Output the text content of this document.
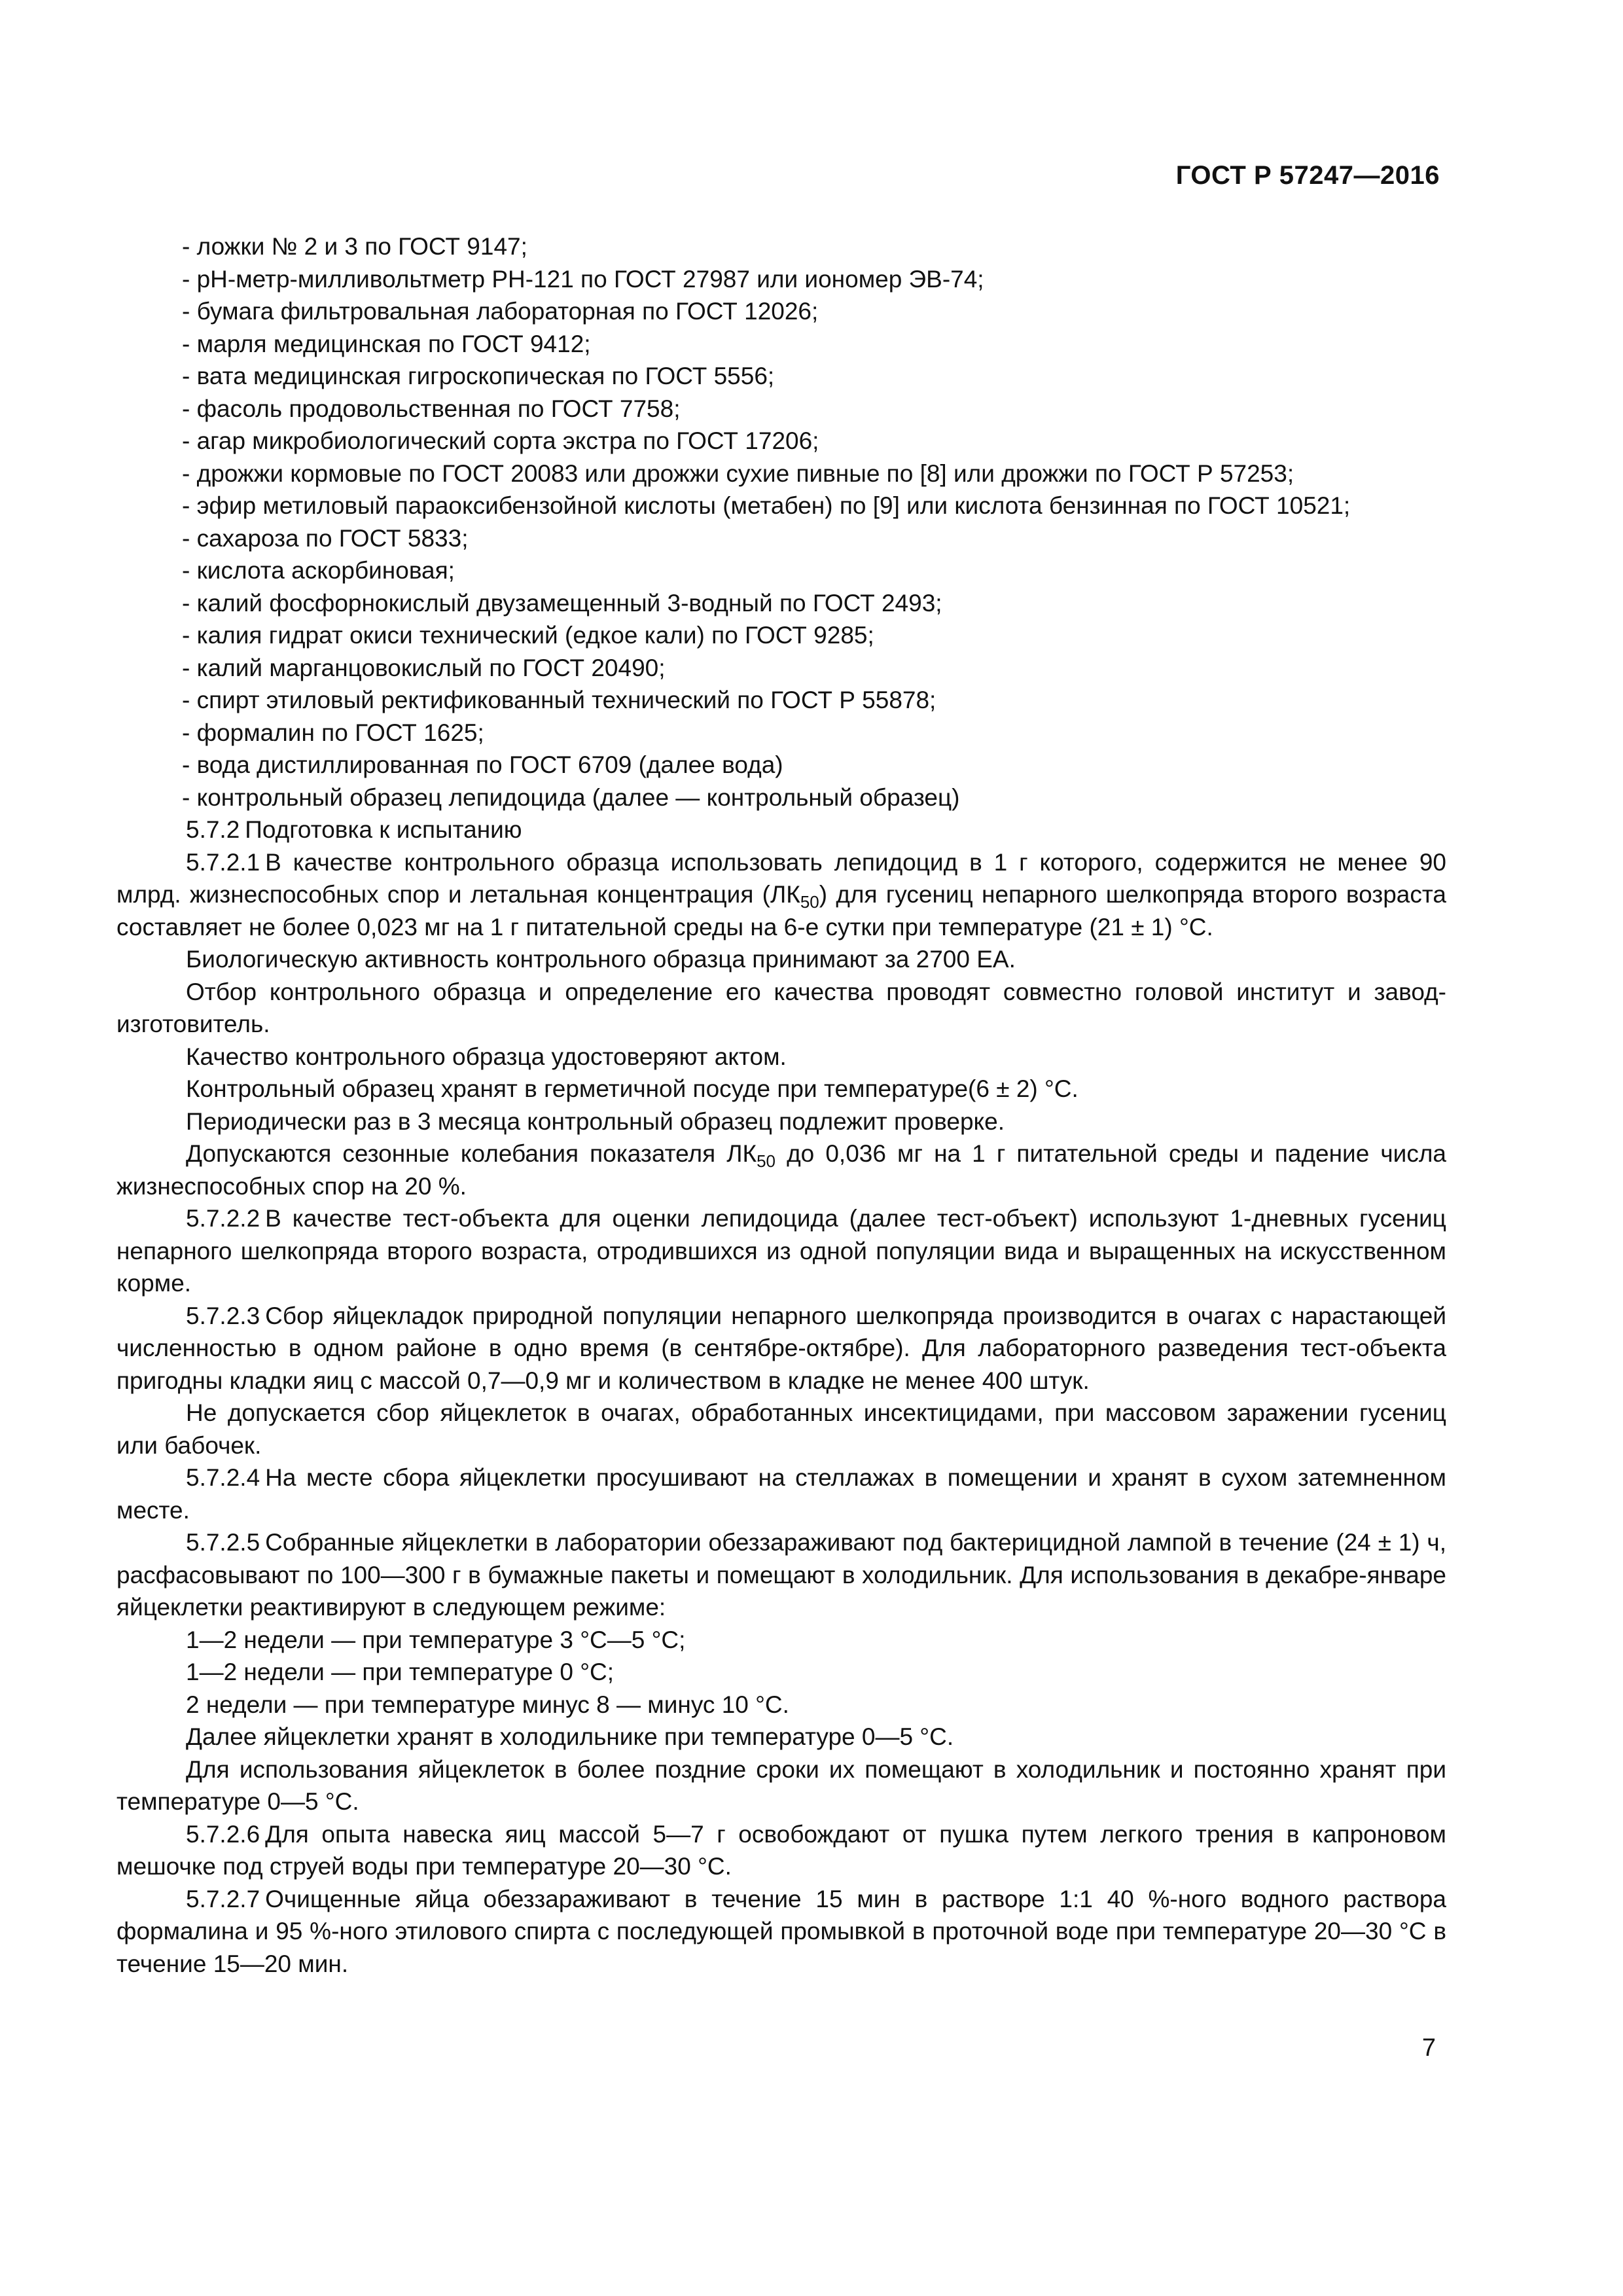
ГОСТ Р 57247—2016

- ложки № 2 и 3 по ГОСТ 9147;

- pH-метр-милливольтметр РН-121 по ГОСТ 27987 или иономер ЭВ-74;

- бумага фильтровальная лабораторная по ГОСТ 12026;

- марля медицинская по ГОСТ 9412;

- вата медицинская гигроскопическая по ГОСТ 5556;

- фасоль продовольственная по ГОСТ 7758;

- агар микробиологический сорта экстра по ГОСТ 17206;

- дрожжи кормовые по ГОСТ 20083 или дрожжи сухие пивные по [8] или дрожжи по ГОСТ Р 57253;

- эфир метиловый параоксибензойной кислоты (метабен) по [9] или кислота бензинная по ГОСТ 10521;

- сахароза по ГОСТ 5833;

- кислота аскорбиновая;

- калий фосфорнокислый двузамещенный 3-водный по ГОСТ 2493;

- калия гидрат окиси технический (едкое кали) по ГОСТ 9285;

- калий марганцовокислый по ГОСТ 20490;

- спирт этиловый ректификованный технический по ГОСТ Р 55878;

- формалин по ГОСТ 1625;

- вода дистиллированная по ГОСТ 6709 (далее вода)

- контрольный образец лепидоцида (далее — контрольный образец)

5.7.2 Подготовка к испытанию

5.7.2.1 В качестве контрольного образца использовать лепидоцид в 1 г которого, содержится не менее 90 млрд. жизнеспособных спор и летальная концентрация $(ЛК_{50})$ для гусениц непарного шелкопряда второго возраста составляет не более 0,023 мг на 1 г питательной среды на 6-е сутки при температуре (21 ± 1) °С.

Биологическую активность контрольного образца принимают за 2700 ЕА.

Отбор контрольного образца и определение его качества проводят совместно головой институт и завод-изготовитель.

Качество контрольного образца удостоверяют актом.

Контрольный образец хранят в герметичной посуде при температуре(6 ± 2) °С.

Периодически раз в 3 месяца контрольный образец подлежит проверке.

Допускаются сезонные колебания показателя $ЛК_{50}$ до 0,036 мг на 1 г питательной среды и падение числа жизнеспособных спор на 20 %.

5.7.2.2 В качестве тест-объекта для оценки лепидоцида (далее тест-объект) используют 1-дневных гусениц непарного шелкопряда второго возраста, отродившихся из одной популяции вида и выращенных на искусственном корме.

5.7.2.3 Сбор яйцекладок природной популяции непарного шелкопряда производится в очагах с нарастающей численностью в одном районе в одно время (в сентябре-октябре). Для лабораторного разведения тест-объекта пригодны кладки яиц с массой 0,7—0,9 мг и количеством в кладке не менее 400 штук.

Не допускается сбор яйцеклеток в очагах, обработанных инсектицидами, при массовом заражении гусениц или бабочек.

5.7.2.4 На месте сбора яйцеклетки просушивают на стеллажах в помещении и хранят в сухом затемненном месте.

5.7.2.5 Собранные яйцеклетки в лаборатории обеззараживают под бактерицидной лампой в течение (24 ± 1) ч, расфасовывают по 100—300 г в бумажные пакеты и помещают в холодильник. Для использования в декабре-январе яйцеклетки реактивируют в следующем режиме:

1—2 недели — при температуре 3 °С—5 °С;

1—2 недели — при температуре 0 °С;

2 недели — при температуре минус 8 — минус 10 °С.

Далее яйцеклетки хранят в холодильнике при температуре 0—5 °С.

Для использования яйцеклеток в более поздние сроки их помещают в холодильник и постоянно хранят при температуре 0—5 °С.

5.7.2.6 Для опыта навеска яиц массой 5—7 г освобождают от пушка путем легкого трения в капроновом мешочке под струей воды при температуре 20—30 °С.

5.7.2.7 Очищенные яйца обеззараживают в течение 15 мин в растворе 1:1 40 %-ного водного раствора формалина и 95 %-ного этилового спирта с последующей промывкой в проточной воде при температуре 20—30 °С в течение 15—20 мин.

7
